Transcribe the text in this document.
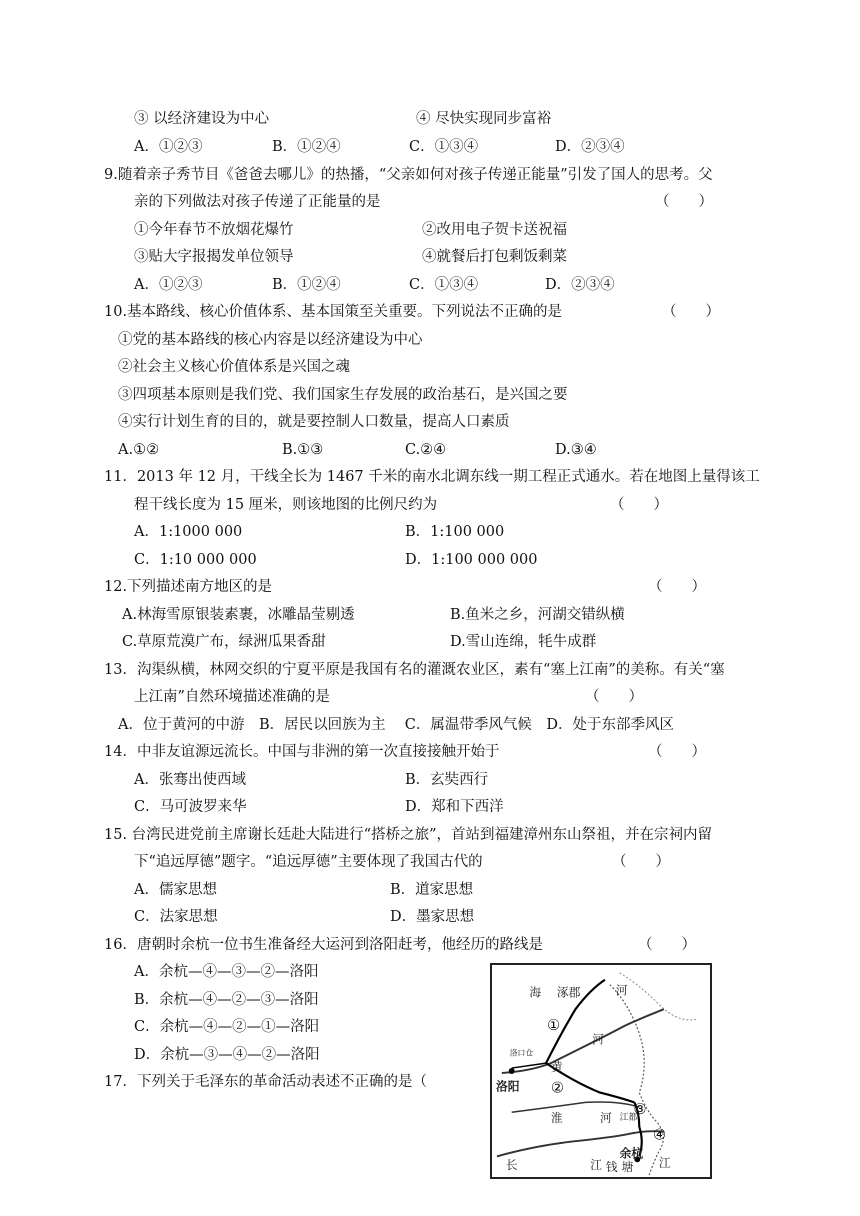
③ 以经济建设为中心	④ 尽快实现同步富裕
A．①②③	B．①②④	C．①③④	D．②③④
9.随着亲子秀节目《爸爸去哪儿》的热播，“父亲如何对孩子传递正能量”引发了国人的思考。父
亲的下列做法对孩子传递了正能量的是	（　　）
①今年春节不放烟花爆竹	②改用电子贺卡送祝福
③贴大字报揭发单位领导	④就餐后打包剩饭剩菜
A．①②③	B．①②④	C．①③④	D．②③④
10.基本路线、核心价值体系、基本国策至关重要。下列说法不正确的是	（　　）
①党的基本路线的核心内容是以经济建设为中心
②社会主义核心价值体系是兴国之魂
③四项基本原则是我们党、我们国家生存发展的政治基石，是兴国之要
④实行计划生育的目的，就是要控制人口数量，提高人口素质
A.①②	B.①③	C.②④	D.③④
11．2013 年 12 月，干线全长为 1467 千米的南水北调东线一期工程正式通水。若在地图上量得该工
程干线长度为 15 厘米，则该地图的比例尺约为	（　　）
A．1:1000 000	B．1:100 000
C．1:10 000 000	D．1:100 000 000
12.下列描述南方地区的是	（　　）
A.林海雪原银装素裹，冰雕晶莹剔透	B.鱼米之乡，河湖交错纵横
C.草原荒漠广布，绿洲瓜果香甜	D.雪山连绵，牦牛成群
13．沟渠纵横，林网交织的宁夏平原是我国有名的灌溉农业区，素有“塞上江南”的美称。有关“塞
上江南”自然环境描述准确的是	（　　）
A．位于黄河的中游　B．居民以回族为主　 C．属温带季风气候　D．处于东部季风区
14．中非友谊源远流长。中国与非洲的第一次直接接触开始于	（　　）
A．张骞出使西域	B．玄奘西行
C．马可波罗来华	D．郑和下西洋
15. 台湾民进党前主席谢长廷赴大陆进行“搭桥之旅”，首站到福建漳州东山祭祖，并在宗祠内留
下“追远厚德”题字。“追远厚德”主要体现了我国古代的	（　　）
A．儒家思想	B．道家思想
C．法家思想	D．墨家思想
16．唐朝时余杭一位书生准备经大运河到洛阳赶考，他经历的路线是	（　　）
A．余杭—④—③—②—洛阳
B．余杭—④—②—③—洛阳
C．余杭—④—②—①—洛阳
D．余杭—③—④—②—洛阳
17．下列关于毛泽东的革命活动表述不正确的是（
海 涿郡	河
河
洛口仓
黄
洛阳
淮	河 江都
余杭
长	江 钱 塘 江
①
②
③
④
